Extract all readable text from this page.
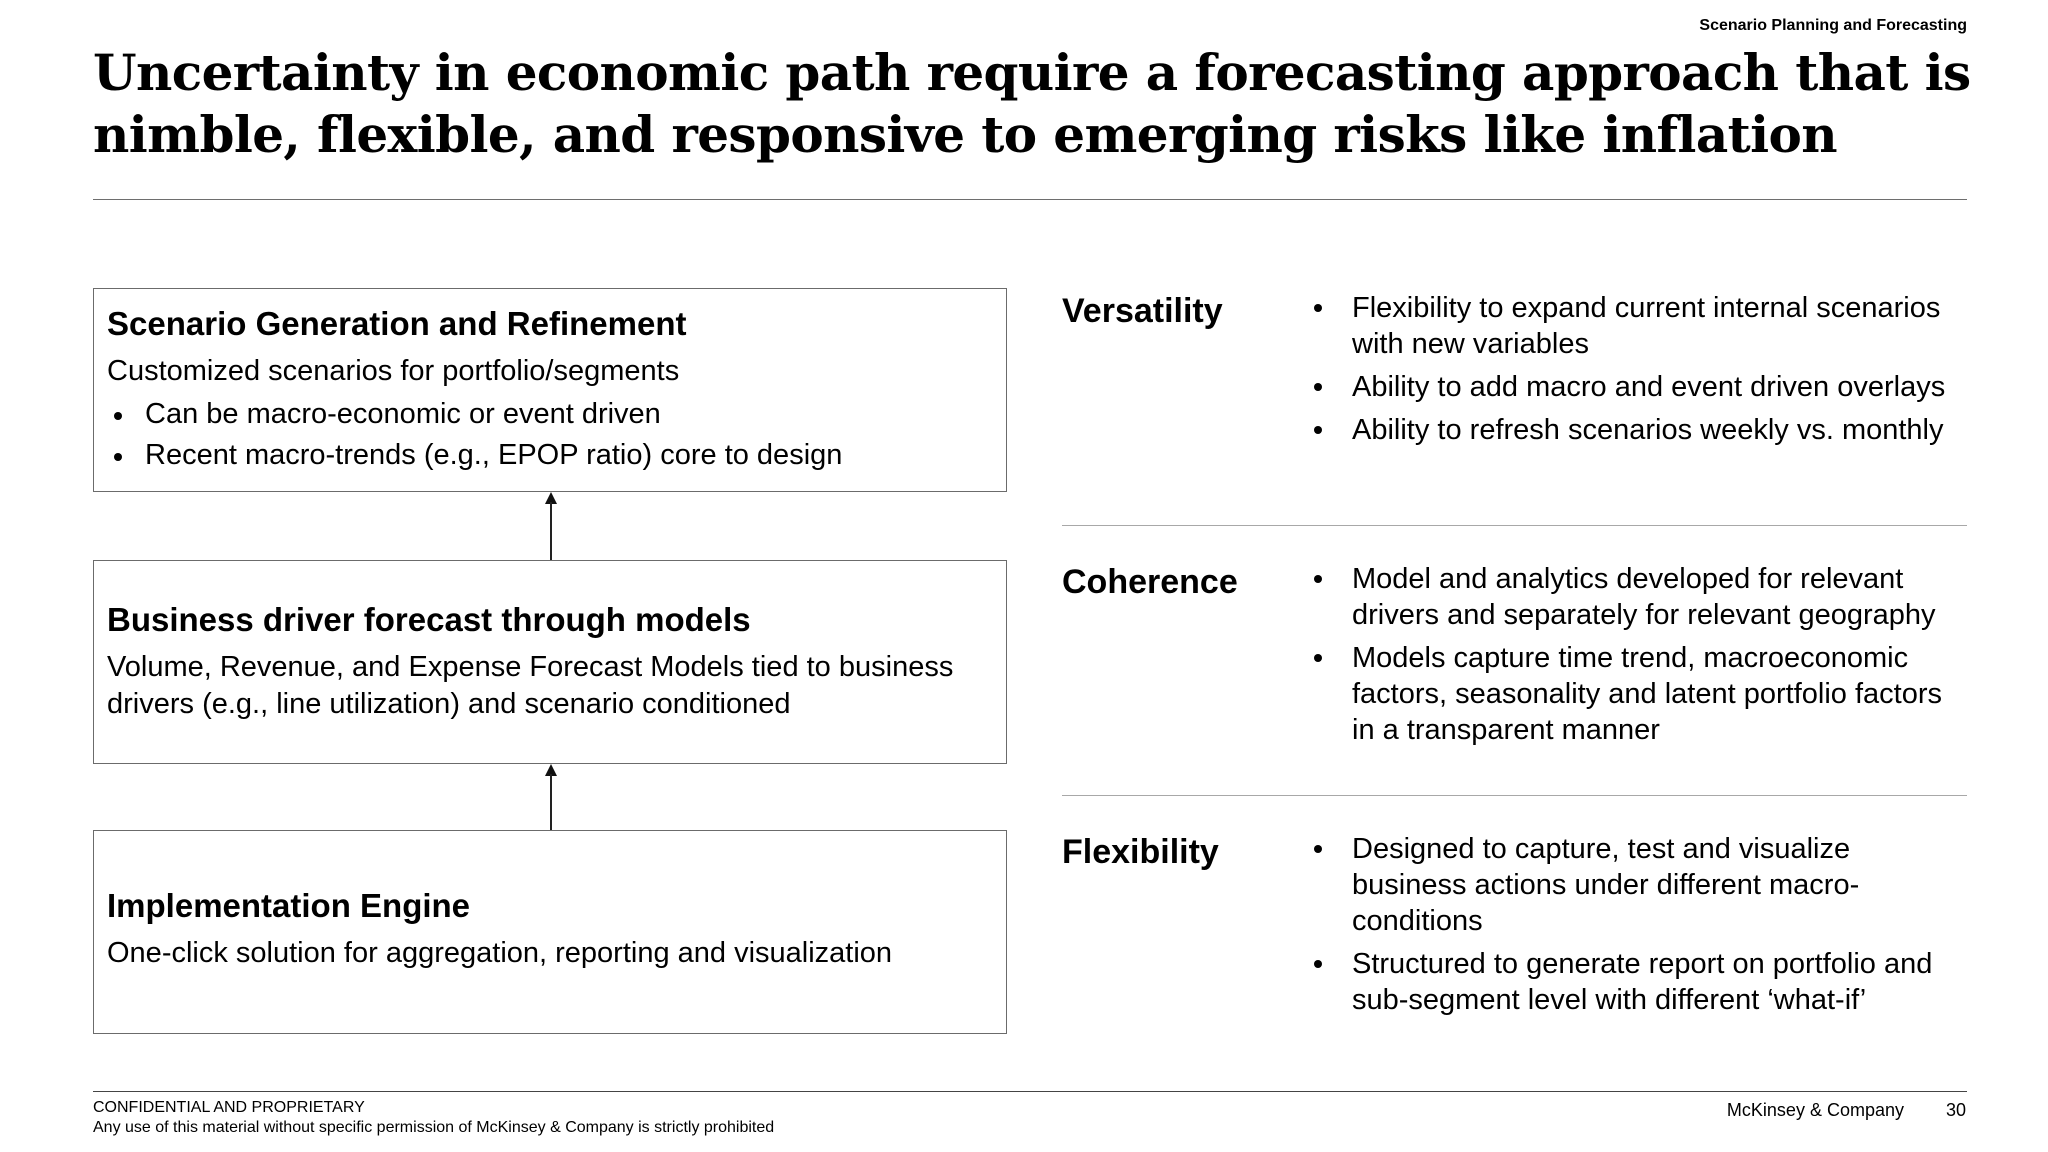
Scenario Planning and Forecasting
Uncertainty in economic path require a forecasting approach that is nimble, flexible, and responsive to emerging risks like inflation
Scenario Generation and Refinement
Customized scenarios for portfolio/segments
Can be macro-economic or event driven
Recent macro-trends (e.g., EPOP ratio) core to design
Business driver forecast through models
Volume, Revenue, and Expense Forecast Models tied to business drivers (e.g., line utilization) and scenario conditioned
Implementation Engine
One-click solution for aggregation, reporting and visualization
Versatility	Flexibility to expand current internal scenarios with new variables
Ability to add macro and event driven overlays
Ability to refresh scenarios weekly vs. monthly
Coherence	Model and analytics developed for relevant drivers and separately for relevant geography
Models capture time trend, macroeconomic factors, seasonality and latent portfolio factors in a transparent manner
Flexibility	Designed to capture, test and visualize business actions under different macro-conditions
Structured to generate report on portfolio and sub-segment level with different ‘what-if’
CONFIDENTIAL AND PROPRIETARY
Any use of this material without specific permission of McKinsey & Company is strictly prohibited
McKinsey & Company 30
